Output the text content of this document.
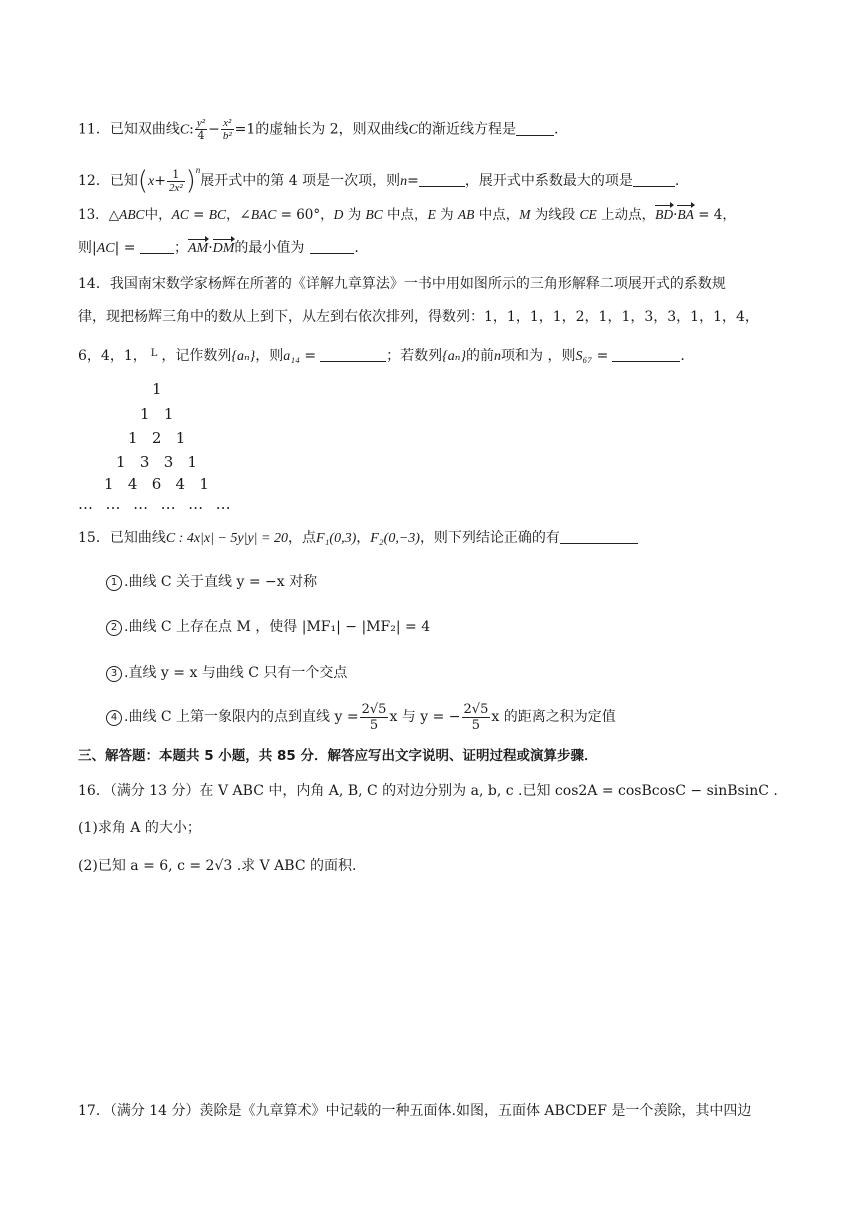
11．已知双曲线C: $\frac{\text{y²}}{4} - \frac{\text{x²}}{\text{b²}} =1$的虚轴长为 2，则双曲线C的渐近线方程是	.
12．已知$(x+ \frac{1}{\text{2x²}} )^n$展开式中的第 4 项是一次项，则n=	，展开式中系数最大的项是	.
13．△ABC中，AC = BC，∠BAC = 60°，D 为 BC 中点，E 为 AB 中点，M 为线段 CE 上动点，BD·BA = 4，
则|AC| = ；AM·DM的最小值为	.
14．我国南宋数学家杨辉在所著的《详解九章算法》一书中用如图所示的三角形解释二项展开式的系数规
律，现把杨辉三角中的数从上到下，从左到右依次排列，得数列：1，1，1，1，2，1，1，3，3，1，1，4，
6，4，1， $^L$ ，记作数列{aₙ}，则a₁₄ =	；若数列{aₙ}的前n项和为 ，则S₆₇ =	.
1
1   1
1   2   1
1   3   3   1
1   4   6   4   1
…  …  …  …  …  …
15．已知曲线C : 4x|x| − 5y|y| = 20，点F₁(0,3)，F₂(0,−3)，则下列结论正确的有
1 .曲线 C 关于直线 y = −x 对称
2 .曲线 C 上存在点 M ，使得 |MF₁| − |MF₂| = 4
3 .直线 y = x 与曲线 C 只有一个交点
4 .曲线 C 上第一象限内的点到直线 $y = \frac{2√5}{5}$ x 与 y = − $\frac{2√5}{5}$ x 的距离之积为定值
三、解答题：本题共 5 小题，共 85 分．解答应写出文字说明、证明过程或演算步骤．
16．（满分 13 分）在 V ABC 中，内角 A, B, C 的对边分别为 a, b, c .已知 cos2A = cosBcosC − sinBsinC .
(1)求角 A 的大小；
(2)已知 a = 6, c = 2√3 .求 V ABC 的面积.
17．（满分 14 分）羡除是《九章算术》中记载的一种五面体.如图，五面体 ABCDEF 是一个羡除，其中四边
